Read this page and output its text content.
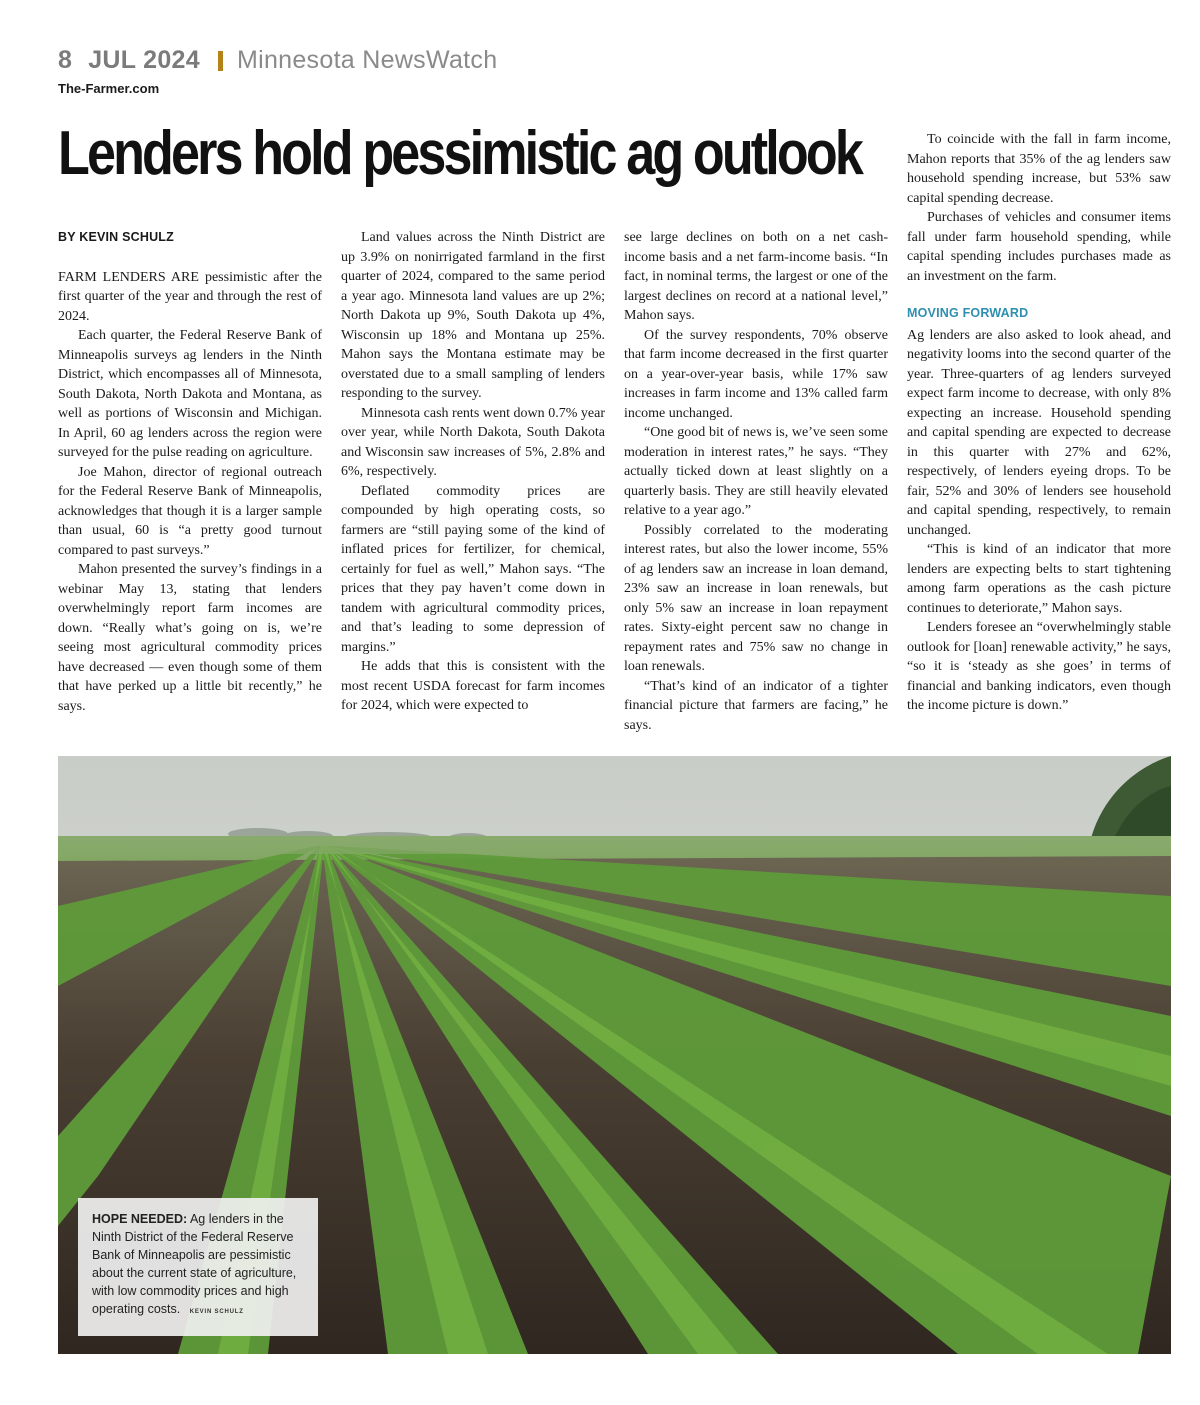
8 JUL 2024 Minnesota NewsWatch
The-Farmer.com
Lenders hold pessimistic ag outlook
BY KEVIN SCHULZ

FARM LENDERS ARE pessimistic after the first quarter of the year and through the rest of 2024.

Each quarter, the Federal Reserve Bank of Minneapolis surveys ag lenders in the Ninth District, which encompasses all of Minnesota, South Dakota, North Dakota and Montana, as well as portions of Wisconsin and Michigan. In April, 60 ag lenders across the region were surveyed for the pulse reading on agriculture.

Joe Mahon, director of regional outreach for the Federal Reserve Bank of Minneapolis, acknowledges that though it is a larger sample than usual, 60 is “a pretty good turnout compared to past surveys.”

Mahon presented the survey’s findings in a webinar May 13, stating that lenders overwhelmingly report farm incomes are down. “Really what’s going on is, we’re seeing most agricultural commodity prices have decreased — even though some of them that have perked up a little bit recently,” he says.

Land values across the Ninth District are up 3.9% on nonirrigated farmland in the first quarter of 2024, compared to the same period a year ago. Minnesota land values are up 2%; North Dakota up 9%, South Dakota up 4%, Wisconsin up 18% and Montana up 25%. Mahon says the Montana estimate may be overstated due to a small sampling of lenders responding to the survey.

Minnesota cash rents went down 0.7% year over year, while North Dakota, South Dakota and Wisconsin saw increases of 5%, 2.8% and 6%, respectively.

Deflated commodity prices are compounded by high operating costs, so farmers are “still paying some of the kind of inflated prices for fertilizer, for chemical, certainly for fuel as well,” Mahon says. “The prices that they pay haven’t come down in tandem with agricultural commodity prices, and that’s leading to some depression of margins.”

He adds that this is consistent with the most recent USDA forecast for farm incomes for 2024, which were expected to

see large declines on both on a net cash-income basis and a net farm-income basis. “In fact, in nominal terms, the largest or one of the largest declines on record at a national level,” Mahon says.

Of the survey respondents, 70% observe that farm income decreased in the first quarter on a year-over-year basis, while 17% saw increases in farm income and 13% called farm income unchanged.

“One good bit of news is, we’ve seen some moderation in interest rates,” he says. “They actually ticked down at least slightly on a quarterly basis. They are still heavily elevated relative to a year ago.”

Possibly correlated to the moderating interest rates, but also the lower income, 55% of ag lenders saw an increase in loan demand, 23% saw an increase in loan renewals, but only 5% saw an increase in loan repayment rates. Sixty-eight percent saw no change in repayment rates and 75% saw no change in loan renewals.

“That’s kind of an indicator of a tighter financial picture that farmers are facing,” he says.

To coincide with the fall in farm income, Mahon reports that 35% of the ag lenders saw household spending increase, but 53% saw capital spending decrease.

Purchases of vehicles and consumer items fall under farm household spending, while capital spending includes purchases made as an investment on the farm.

MOVING FORWARD

Ag lenders are also asked to look ahead, and negativity looms into the second quarter of the year. Three-quarters of ag lenders surveyed expect farm income to decrease, with only 8% expecting an increase. Household spending and capital spending are expected to decrease in this quarter with 27% and 62%, respectively, of lenders eyeing drops. To be fair, 52% and 30% of lenders see household and capital spending, respectively, to remain unchanged.

“This is kind of an indicator that more lenders are expecting belts to start tightening among farm operations as the cash picture continues to deteriorate,” Mahon says.

Lenders foresee an “overwhelmingly stable outlook for [loan] renewable activity,” he says, “so it is ‘steady as she goes’ in terms of financial and banking indicators, even though the income picture is down.”

HOPE NEEDED: Ag lenders in the Ninth District of the Federal Reserve Bank of Minneapolis are pessimistic about the current state of agriculture, with low commodity prices and high operating costs. KEVIN SCHULZ
